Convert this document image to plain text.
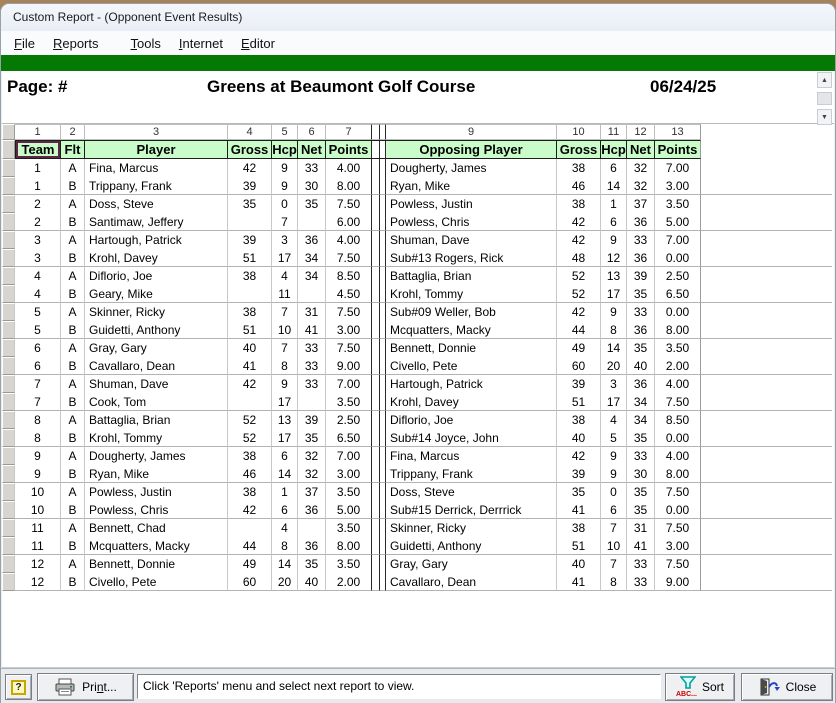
Custom Report - (Opponent Event Results)
File	Reports	Tools	Internet	Editor
Page: #	Greens at Beaumont Golf Course	06/24/25	▲
▼
	1	2	3	4	5	6	7			9	10	11	12	13	
	Team	Flt	Player	Gross	Hcp	Net	Points			Opposing Player	Gross	Hcp	Net	Points	
	1	A	Fina, Marcus	42	9	33	4.00			Dougherty, James	38	6	32	7.00	
	1	B	Trippany, Frank	39	9	30	8.00			Ryan, Mike	46	14	32	3.00	
	2	A	Doss, Steve	35	0	35	7.50			Powless, Justin	38	1	37	3.50	
	2	B	Santimaw, Jeffery		7		6.00			Powless, Chris	42	6	36	5.00	
	3	A	Hartough, Patrick	39	3	36	4.00			Shuman, Dave	42	9	33	7.00	
	3	B	Krohl, Davey	51	17	34	7.50			Sub#13 Rogers, Rick	48	12	36	0.00	
	4	A	Diflorio, Joe	38	4	34	8.50			Battaglia, Brian	52	13	39	2.50	
	4	B	Geary, Mike		11		4.50			Krohl, Tommy	52	17	35	6.50	
	5	A	Skinner, Ricky	38	7	31	7.50			Sub#09 Weller, Bob	42	9	33	0.00	
	5	B	Guidetti, Anthony	51	10	41	3.00			Mcquatters, Macky	44	8	36	8.00	
	6	A	Gray, Gary	40	7	33	7.50			Bennett, Donnie	49	14	35	3.50	
	6	B	Cavallaro, Dean	41	8	33	9.00			Civello, Pete	60	20	40	2.00	
	7	A	Shuman, Dave	42	9	33	7.00			Hartough, Patrick	39	3	36	4.00	
	7	B	Cook, Tom		17		3.50			Krohl, Davey	51	17	34	7.50	
	8	A	Battaglia, Brian	52	13	39	2.50			Diflorio, Joe	38	4	34	8.50	
	8	B	Krohl, Tommy	52	17	35	6.50			Sub#14 Joyce, John	40	5	35	0.00	
	9	A	Dougherty, James	38	6	32	7.00			Fina, Marcus	42	9	33	4.00	
	9	B	Ryan, Mike	46	14	32	3.00			Trippany, Frank	39	9	30	8.00	
	10	A	Powless, Justin	38	1	37	3.50			Doss, Steve	35	0	35	7.50	
	10	B	Powless, Chris	42	6	36	5.00			Sub#15 Derrick, Derrrick	41	6	35	0.00	
	11	A	Bennett, Chad		4		3.50			Skinner, Ricky	38	7	31	7.50	
	11	B	Mcquatters, Macky	44	8	36	8.00			Guidetti, Anthony	51	10	41	3.00	
	12	A	Bennett, Donnie	49	14	35	3.50			Gray, Gary	40	7	33	7.50	
	12	B	Civello, Pete	60	20	40	2.00			Cavallaro, Dean	41	8	33	9.00	
?	Print...	Click 'Reports' menu and select next report to view.
ABC...
Sort	Close
